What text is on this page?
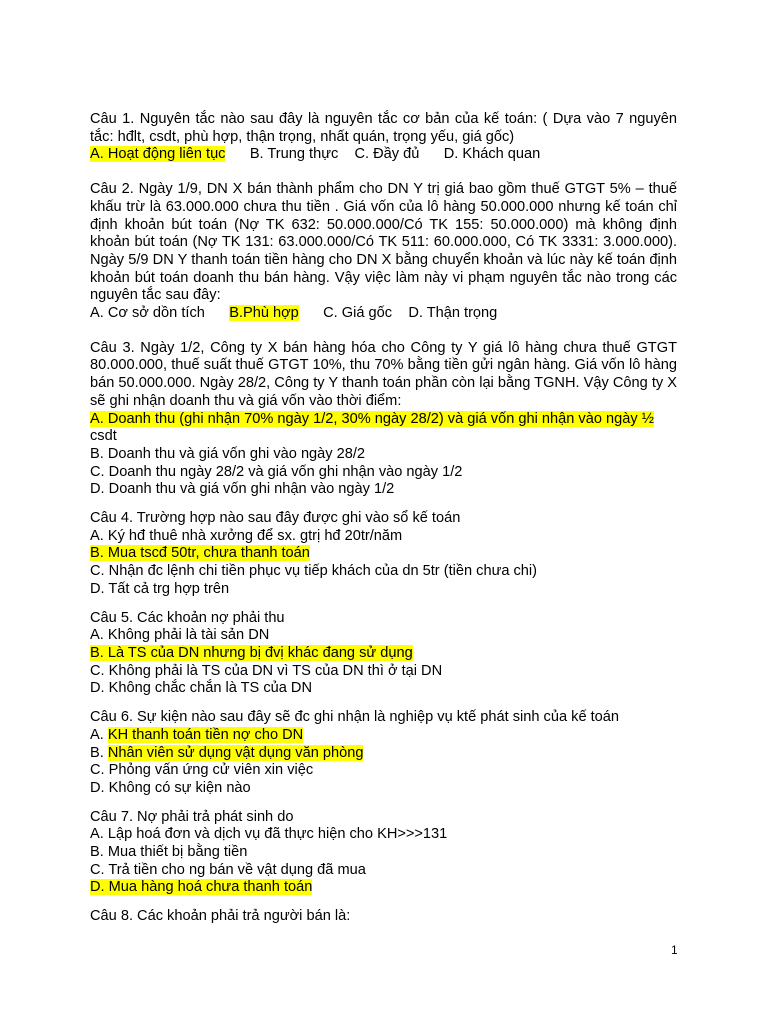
Câu 1. Nguyên tắc nào sau đây là nguyên tắc cơ bản của kế toán: ( Dựa vào 7 nguyên tắc: hđlt, csdt, phù hợp, thận trọng, nhất quán, trọng yếu, giá gốc)

A. Hoạt động liên tục B. Trung thực C. Đầy đủ D. Khách quan

Câu 2. Ngày 1/9, DN X bán thành phẩm cho DN Y trị giá bao gồm thuế GTGT 5% – thuế khấu trừ là 63.000.000 chưa thu tiền . Giá vốn của lô hàng 50.000.000 nhưng kế toán chỉ định khoản bút toán (Nợ TK 632: 50.000.000/Có TK 155: 50.000.000) mà không định khoản bút toán (Nợ TK 131: 63.000.000/Có TK 511: 60.000.000, Có TK 3331: 3.000.000). Ngày 5/9 DN Y thanh toán tiền hàng cho DN X bằng chuyển khoản và lúc này kế toán định khoản bút toán doanh thu bán hàng. Vậy việc làm này vi phạm nguyên tắc nào trong các nguyên tắc sau đây:

A. Cơ sở dồn tích B.Phù hợp C. Giá gốc D. Thận trọng

Câu 3. Ngày 1/2, Công ty X bán hàng hóa cho Công ty Y giá lô hàng chưa thuế GTGT 80.000.000, thuế suất thuế GTGT 10%, thu 70% bằng tiền gửi ngân hàng. Giá vốn lô hàng bán 50.000.000. Ngày 28/2, Công ty Y thanh toán phần còn lại bằng TGNH. Vậy Công ty X sẽ ghi nhận doanh thu và giá vốn vào thời điểm:

A. Doanh thu (ghi nhận 70% ngày 1/2, 30% ngày 28/2) và giá vốn ghi nhận vào ngày ½

csdt

B. Doanh thu và giá vốn ghi vào ngày 28/2

C. Doanh thu ngày 28/2 và giá vốn ghi nhận vào ngày 1/2

D. Doanh thu và giá vốn ghi nhận vào ngày 1/2

Câu 4. Trường hợp nào sau đây được ghi vào sổ kế toán

A. Ký hđ thuê nhà xưởng để sx. gtrị hđ 20tr/năm

B. Mua tscđ 50tr, chưa thanh toán

C. Nhận đc lệnh chi tiền phục vụ tiếp khách của dn 5tr (tiền chưa chi)

D. Tất cả trg hợp trên

Câu 5. Các khoản nợ phải thu

A. Không phải là tài sản DN

B. Là TS của DN nhưng bị đvị khác đang sử dụng

C. Không phải là TS của DN vì TS của DN thì ở tại DN

D. Không chắc chắn là TS của DN

Câu 6. Sự kiện nào sau đây sẽ đc ghi nhận là nghiệp vụ ktế phát sinh của kế toán

A. KH thanh toán tiền nợ cho DN

B. Nhân viên sử dụng vật dụng văn phòng

C. Phỏng vấn ứng cử viên xin việc

D. Không có sự kiện nào

Câu 7. Nợ phải trả phát sinh do

A. Lập hoá đơn và dịch vụ đã thực hiện cho KH>>>131

B. Mua thiết bị bằng tiền

C. Trả tiền cho ng bán về vật dụng đã mua

D. Mua hàng hoá chưa thanh toán

Câu 8. Các khoản phải trả người bán là:

1
